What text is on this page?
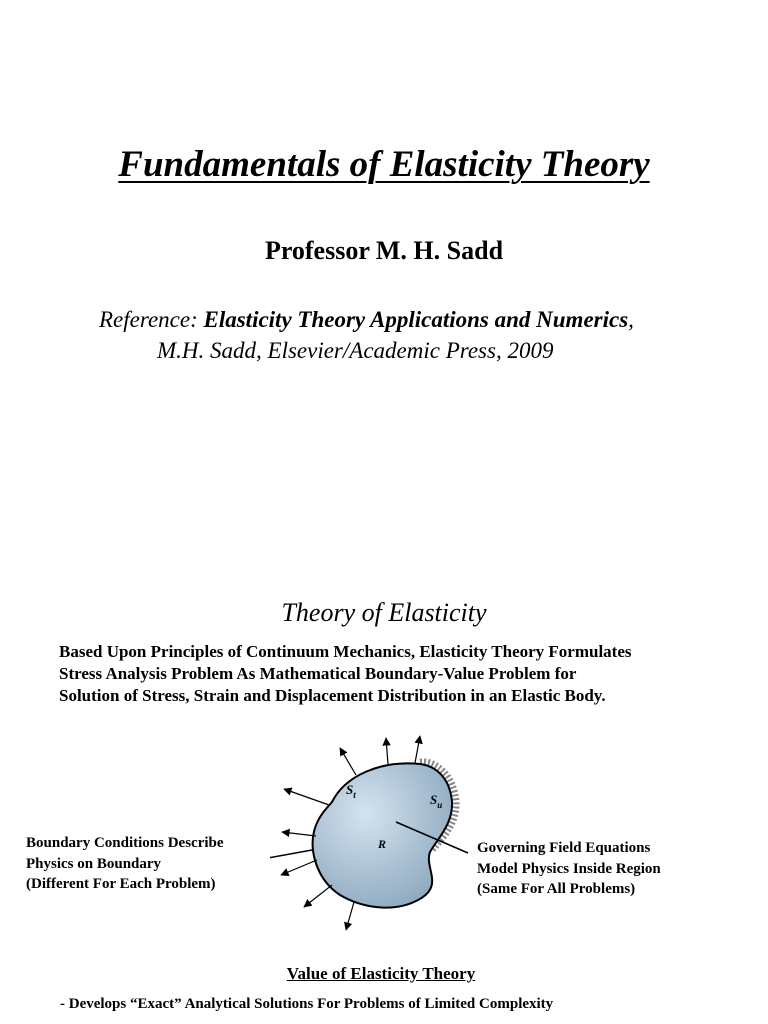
Fundamentals of Elasticity Theory
Professor M. H. Sadd
Reference: Elasticity Theory Applications and Numerics,
M.H. Sadd, Elsevier/Academic Press, 2009
Theory of Elasticity
Based Upon Principles of Continuum Mechanics, Elasticity Theory Formulates
Stress Analysis Problem As Mathematical Boundary-Value Problem for
Solution of Stress, Strain and Displacement Distribution in an Elastic Body.
$S_t$	$S_u$
R
Boundary Conditions Describe
Physics on Boundary
(Different For Each Problem)
Governing Field Equations
Model Physics Inside Region
(Same For All Problems)
Value of Elasticity Theory
- Develops “Exact” Analytical Solutions For Problems of Limited Complexity
